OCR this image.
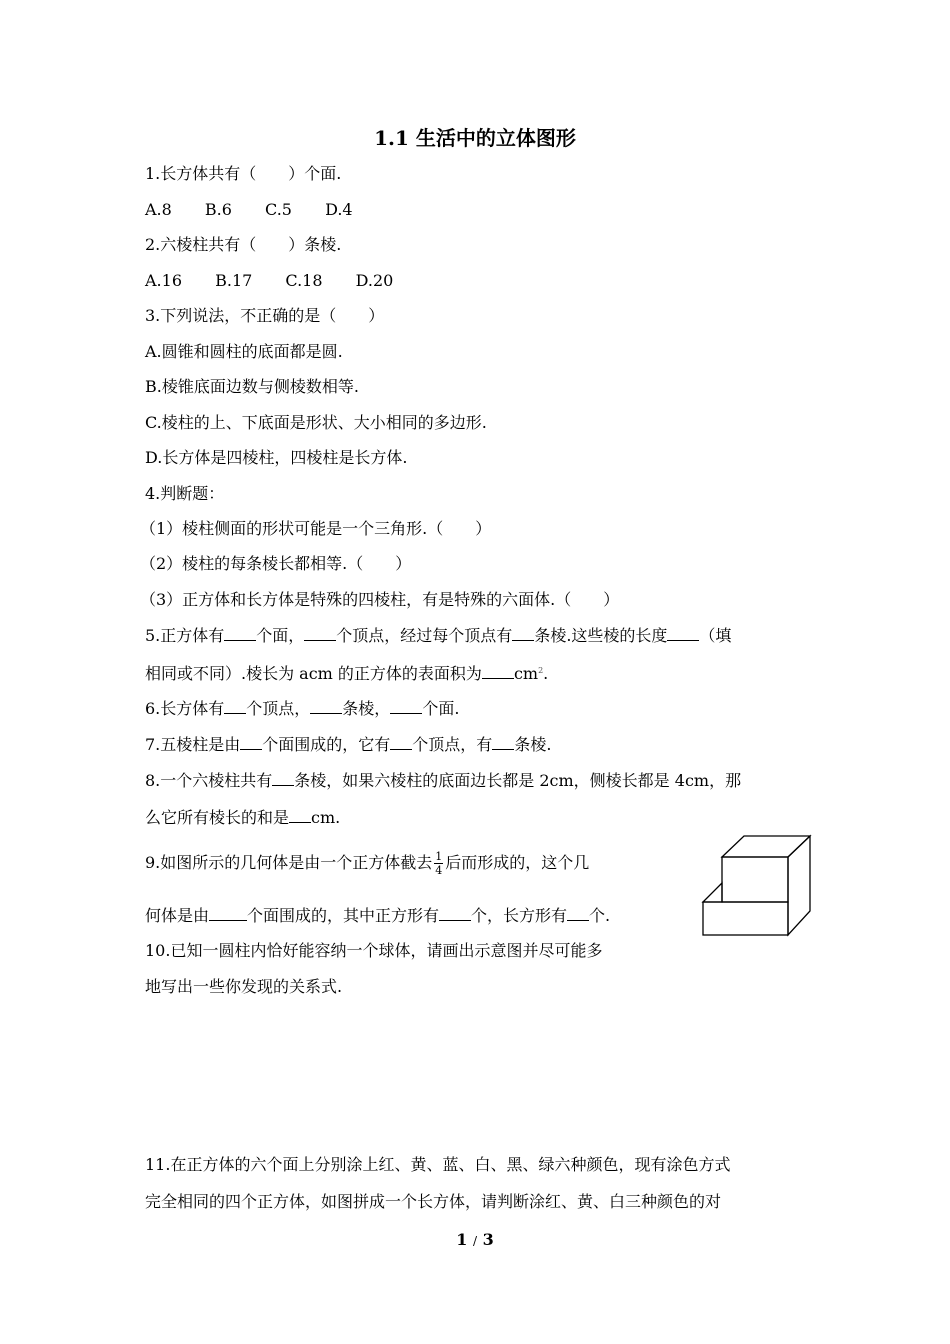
1.1 生活中的立体图形
1.长方体共有（　　）个面.
A.8 B.6 C.5 D.4
2.六棱柱共有（　　）条棱.
A.16 B.17 C.18 D.20
3.下列说法，不正确的是（　　）
A.圆锥和圆柱的底面都是圆.
B.棱锥底面边数与侧棱数相等.
C.棱柱的上、下底面是形状、大小相同的多边形.
D.长方体是四棱柱，四棱柱是长方体.
4.判断题：
（1）棱柱侧面的形状可能是一个三角形.（　　）
（2）棱柱的每条棱长都相等.（　　）
（3）正方体和长方体是特殊的四棱柱，有是特殊的六面体.（　　）
5.正方体有 个面， 个顶点，经过每个顶点有 条棱.这些棱的长度 （填
相同或不同）.棱长为 acm 的正方体的表面积为 $cm^2$.
6.长方体有 个顶点， 条棱， 个面.
7.五棱柱是由 个面围成的，它有 个顶点，有 条棱.
8.一个六棱柱共有 条棱，如果六棱柱的底面边长都是 2cm，侧棱长都是 4cm，那
么它所有棱长的和是 cm.
9.如图所示的几何体是由一个正方体截去 $\frac{1}{4}$ 后而形成的，这个几
何体是由 个面围成的，其中正方形有 个，长方形有 个.
10.已知一圆柱内恰好能容纳一个球体，请画出示意图并尽可能多
地写出一些你发现的关系式.
11.在正方体的六个面上分别涂上红、黄、蓝、白、黑、绿六种颜色，现有涂色方式
完全相同的四个正方体，如图拼成一个长方体，请判断涂红、黄、白三种颜色的对
1 / 3
